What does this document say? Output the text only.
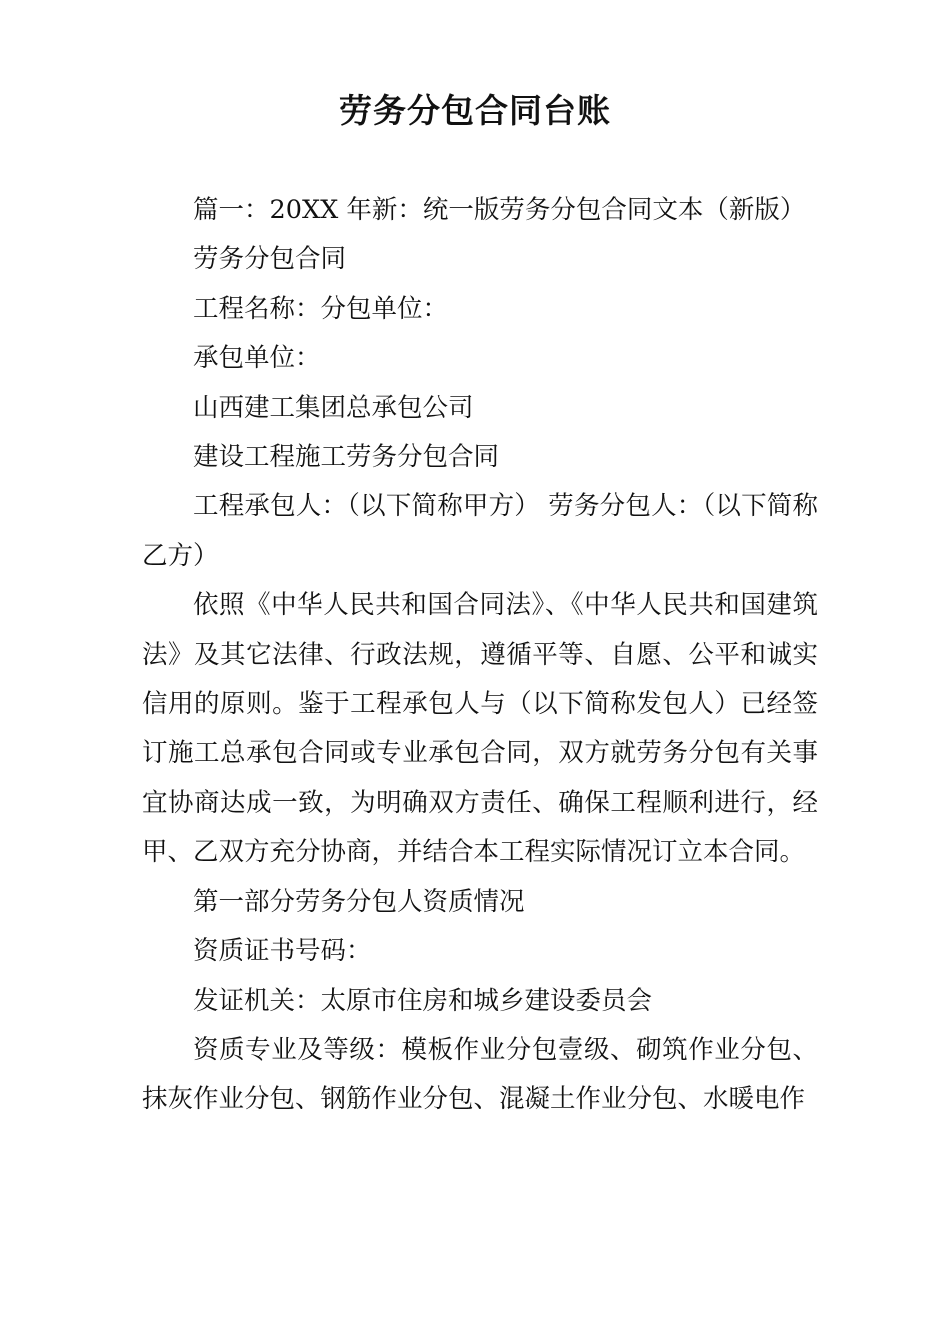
劳务分包合同台账

篇一：20XX 年新：统一版劳务分包合同文本（新版）

劳务分包合同

工程名称：分包单位：

承包单位：

山西建工集团总承包公司

建设工程施工劳务分包合同

工程承包人：（以下简称甲方） 劳务分包人：（以下简称乙方）

依照《中华人民共和国合同法》、《中华人民共和国建筑法》及其它法律、行政法规，遵循平等、自愿、公平和诚实信用的原则。鉴于工程承包人与（以下简称发包人）已经签订施工总承包合同或专业承包合同，双方就劳务分包有关事宜协商达成一致，为明确双方责任、确保工程顺利进行，经甲、乙双方充分协商，并结合本工程实际情况订立本合同。

第一部分劳务分包人资质情况

资质证书号码：

发证机关：太原市住房和城乡建设委员会

资质专业及等级：模板作业分包壹级、砌筑作业分包、抹灰作业分包、钢筋作业分包、混凝土作业分包、水暖电作
